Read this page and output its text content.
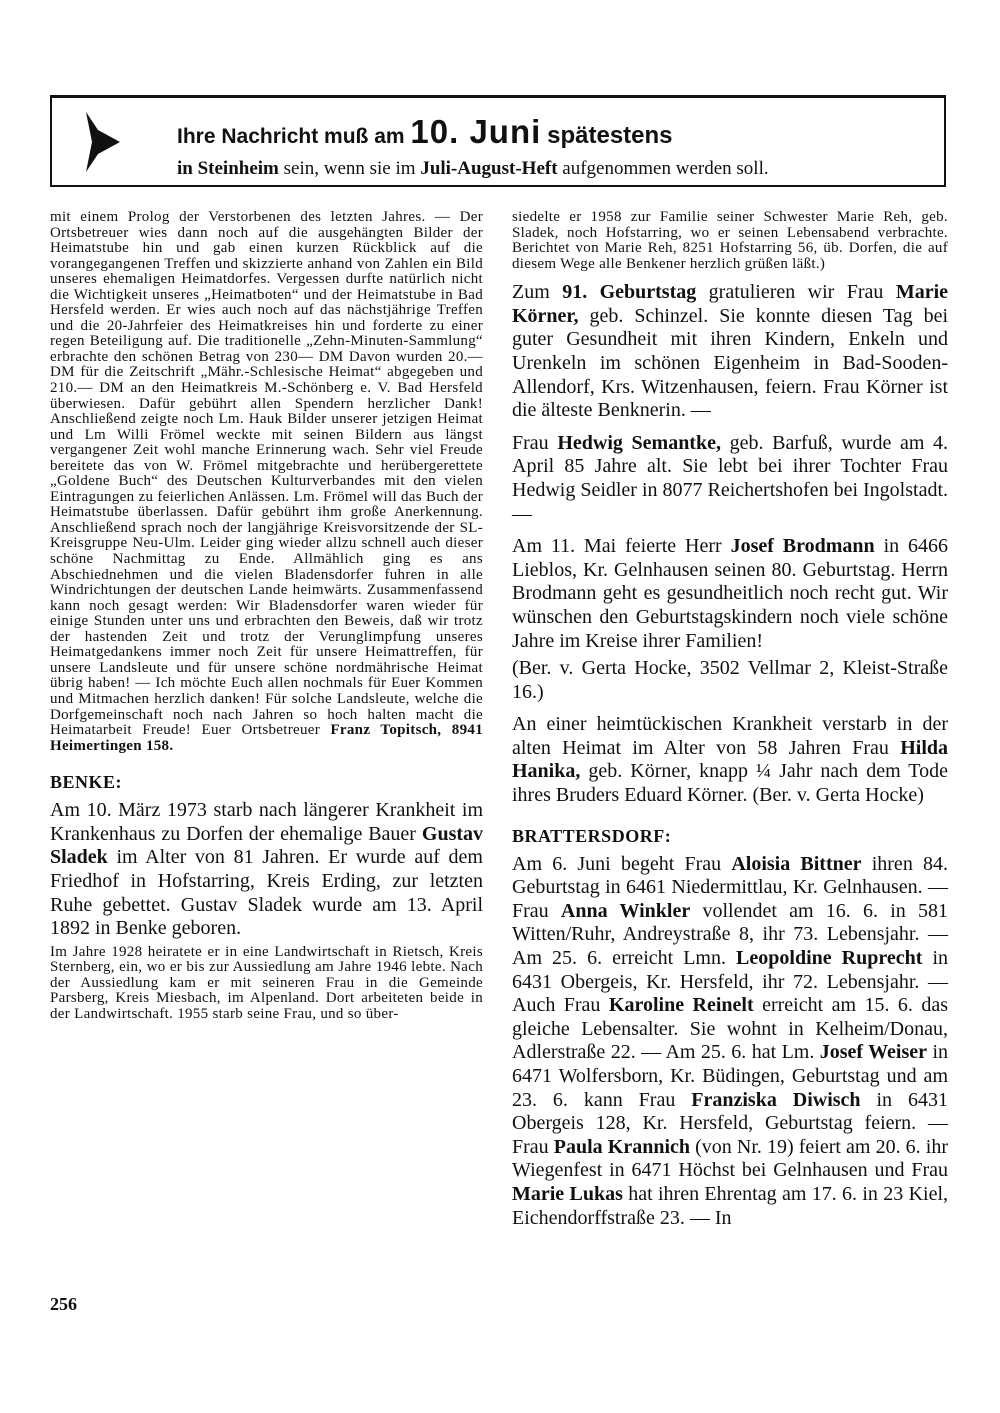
Ihre Nachricht muß am 10. Juni spätestens
in Steinheim sein, wenn sie im Juli-August-Heft aufgenommen werden soll.

mit einem Prolog der Verstorbenen des letzten Jahres. — Der Ortsbetreuer wies dann noch auf die ausgehängten Bilder der Heimatstube hin und gab einen kurzen Rückblick auf die vorangegangenen Treffen und skizzierte anhand von Zahlen ein Bild unseres ehemaligen Heimatdorfes. Vergessen durfte natürlich nicht die Wichtigkeit unseres „Heimatboten“ und der Heimatstube in Bad Hersfeld werden. Er wies auch noch auf das nächstjährige Treffen und die 20-Jahrfeier des Heimatkreises hin und forderte zu einer regen Beteiligung auf. Die traditionelle „Zehn-Minuten-Sammlung“ erbrachte den schönen Betrag von 230— DM Davon wurden 20.— DM für die Zeitschrift „Mähr.-Schlesische Heimat“ abgegeben und 210.— DM an den Heimatkreis M.-Schönberg e. V. Bad Hersfeld überwiesen. Dafür gebührt allen Spendern herzlicher Dank! Anschließend zeigte noch Lm. Hauk Bilder unserer jetzigen Heimat und Lm Willi Frömel weckte mit seinen Bildern aus längst vergangener Zeit wohl manche Erinnerung wach. Sehr viel Freude bereitete das von W. Frömel mitgebrachte und herübergerettete „Goldene Buch“ des Deutschen Kulturverbandes mit den vielen Eintragungen zu feierlichen Anlässen. Lm. Frömel will das Buch der Heimatstube überlassen. Dafür gebührt ihm große Anerkennung. Anschließend sprach noch der langjährige Kreisvorsitzende der SL-Kreisgruppe Neu-Ulm. Leider ging wieder allzu schnell auch dieser schöne Nachmittag zu Ende. Allmählich ging es ans Abschiednehmen und die vielen Bladensdorfer fuhren in alle Windrichtungen der deutschen Lande heimwärts. Zusammenfassend kann noch gesagt werden: Wir Bladensdorfer waren wieder für einige Stunden unter uns und erbrachten den Beweis, daß wir trotz der hastenden Zeit und trotz der Verunglimpfung unseres Heimatgedankens immer noch Zeit für unsere Heimattreffen, für unsere Landsleute und für unsere schöne nordmährische Heimat übrig haben! — Ich möchte Euch allen nochmals für Euer Kommen und Mitmachen herzlich danken! Für solche Landsleute, welche die Dorfgemeinschaft noch nach Jahren so hoch halten macht die Heimatarbeit Freude! Euer Ortsbetreuer Franz Topitsch, 8941 Heimertingen 158.

BENKE:

Am 10. März 1973 starb nach längerer Krankheit im Krankenhaus zu Dorfen der ehemalige Bauer Gustav Sladek im Alter von 81 Jahren. Er wurde auf dem Friedhof in Hofstarring, Kreis Erding, zur letzten Ruhe gebettet. Gustav Sladek wurde am 13. April 1892 in Benke geboren.

Im Jahre 1928 heiratete er in eine Landwirtschaft in Rietsch, Kreis Sternberg, ein, wo er bis zur Aussiedlung am Jahre 1946 lebte. Nach der Aussiedlung kam er mit seineren Frau in die Gemeinde Parsberg, Kreis Miesbach, im Alpenland. Dort arbeiteten beide in der Landwirtschaft. 1955 starb seine Frau, und so über-

siedelte er 1958 zur Familie seiner Schwester Marie Reh, geb. Sladek, noch Hofstarring, wo er seinen Lebensabend verbrachte. Berichtet von Marie Reh, 8251 Hofstarring 56, üb. Dorfen, die auf diesem Wege alle Benkener herzlich grüßen läßt.)

Zum 91. Geburtstag gratulieren wir Frau Marie Körner, geb. Schinzel. Sie konnte diesen Tag bei guter Gesundheit mit ihren Kindern, Enkeln und Urenkeln im schönen Eigenheim in Bad-Sooden-Allendorf, Krs. Witzenhausen, feiern. Frau Körner ist die älteste Benknerin. —

Frau Hedwig Semantke, geb. Barfuß, wurde am 4. April 85 Jahre alt. Sie lebt bei ihrer Tochter Frau Hedwig Seidler in 8077 Reichertshofen bei Ingolstadt. —

Am 11. Mai feierte Herr Josef Brodmann in 6466 Lieblos, Kr. Gelnhausen seinen 80. Geburtstag. Herrn Brodmann geht es gesundheitlich noch recht gut. Wir wünschen den Geburtstagskindern noch viele schöne Jahre im Kreise ihrer Familien!

(Ber. v. Gerta Hocke, 3502 Vellmar 2, Kleist-Straße 16.)

An einer heimtückischen Krankheit verstarb in der alten Heimat im Alter von 58 Jahren Frau Hilda Hanika, geb. Körner, knapp ¼ Jahr nach dem Tode ihres Bruders Eduard Körner. (Ber. v. Gerta Hocke)

BRATTERSDORF:

Am 6. Juni begeht Frau Aloisia Bittner ihren 84. Geburtstag in 6461 Niedermittlau, Kr. Gelnhausen. — Frau Anna Winkler vollendet am 16. 6. in 581 Witten/Ruhr, Andreystraße 8, ihr 73. Lebensjahr. — Am 25. 6. erreicht Lmn. Leopoldine Ruprecht in 6431 Obergeis, Kr. Hersfeld, ihr 72. Lebensjahr. — Auch Frau Karoline Reinelt erreicht am 15. 6. das gleiche Lebensalter. Sie wohnt in Kelheim/Donau, Adlerstraße 22. — Am 25. 6. hat Lm. Josef Weiser in 6471 Wolfersborn, Kr. Büdingen, Geburtstag und am 23. 6. kann Frau Franziska Diwisch in 6431 Obergeis 128, Kr. Hersfeld, Geburtstag feiern. — Frau Paula Krannich (von Nr. 19) feiert am 20. 6. ihr Wiegenfest in 6471 Höchst bei Gelnhausen und Frau Marie Lukas hat ihren Ehrentag am 17. 6. in 23 Kiel, Eichendorffstraße 23. — In

256
